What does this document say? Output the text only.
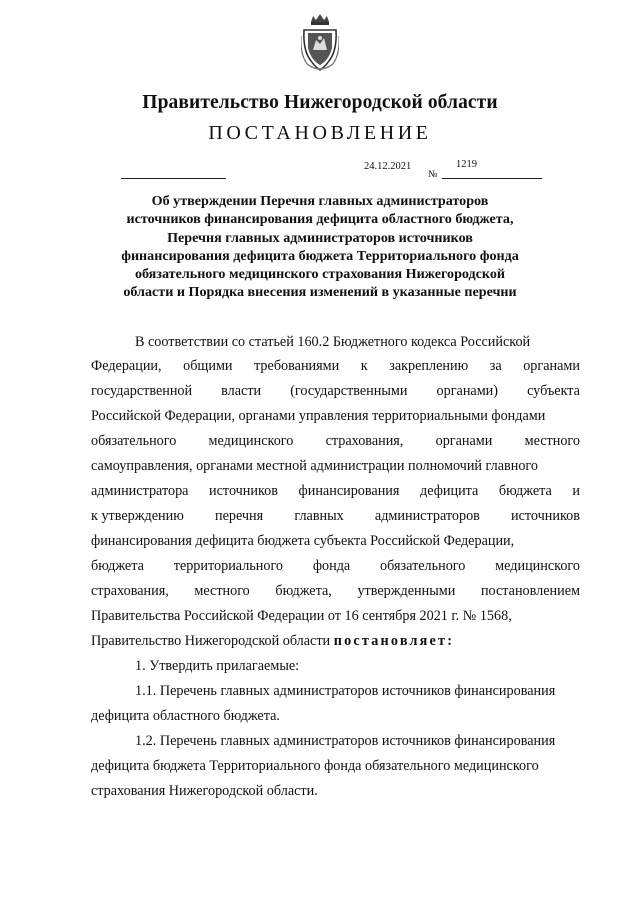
Правительство Нижегородской области
ПОСТАНОВЛЕНИЕ
24.12.2021
№
1219
Об утверждении Перечня главных администраторов
источников финансирования дефицита областного бюджета,
Перечня главных администраторов источников
финансирования дефицита бюджета Территориального фонда
обязательного медицинского страхования Нижегородской
области и Порядка внесения изменений в указанные перечни
В соответствии со статьей 160.2 Бюджетного кодекса Российской
Федерации, общими требованиями к закреплению за органами
государственной власти (государственными органами) субъекта
Российской Федерации, органами управления территориальными фондами
обязательного медицинского страхования, органами местного
самоуправления, органами местной администрации полномочий главного
администратора источников финансирования дефицита бюджета и
к утверждению перечня главных администраторов источников
финансирования дефицита бюджета субъекта Российской Федерации,
бюджета территориального фонда обязательного медицинского
страхования, местного бюджета, утвержденными постановлением
Правительства Российской Федерации от 16 сентября 2021 г. № 1568,
Правительство Нижегородской области постановляет:
1. Утвердить прилагаемые:
1.1. Перечень главных администраторов источников финансирования
дефицита областного бюджета.
1.2. Перечень главных администраторов источников финансирования
дефицита бюджета Территориального фонда обязательного медицинского
страхования Нижегородской области.
